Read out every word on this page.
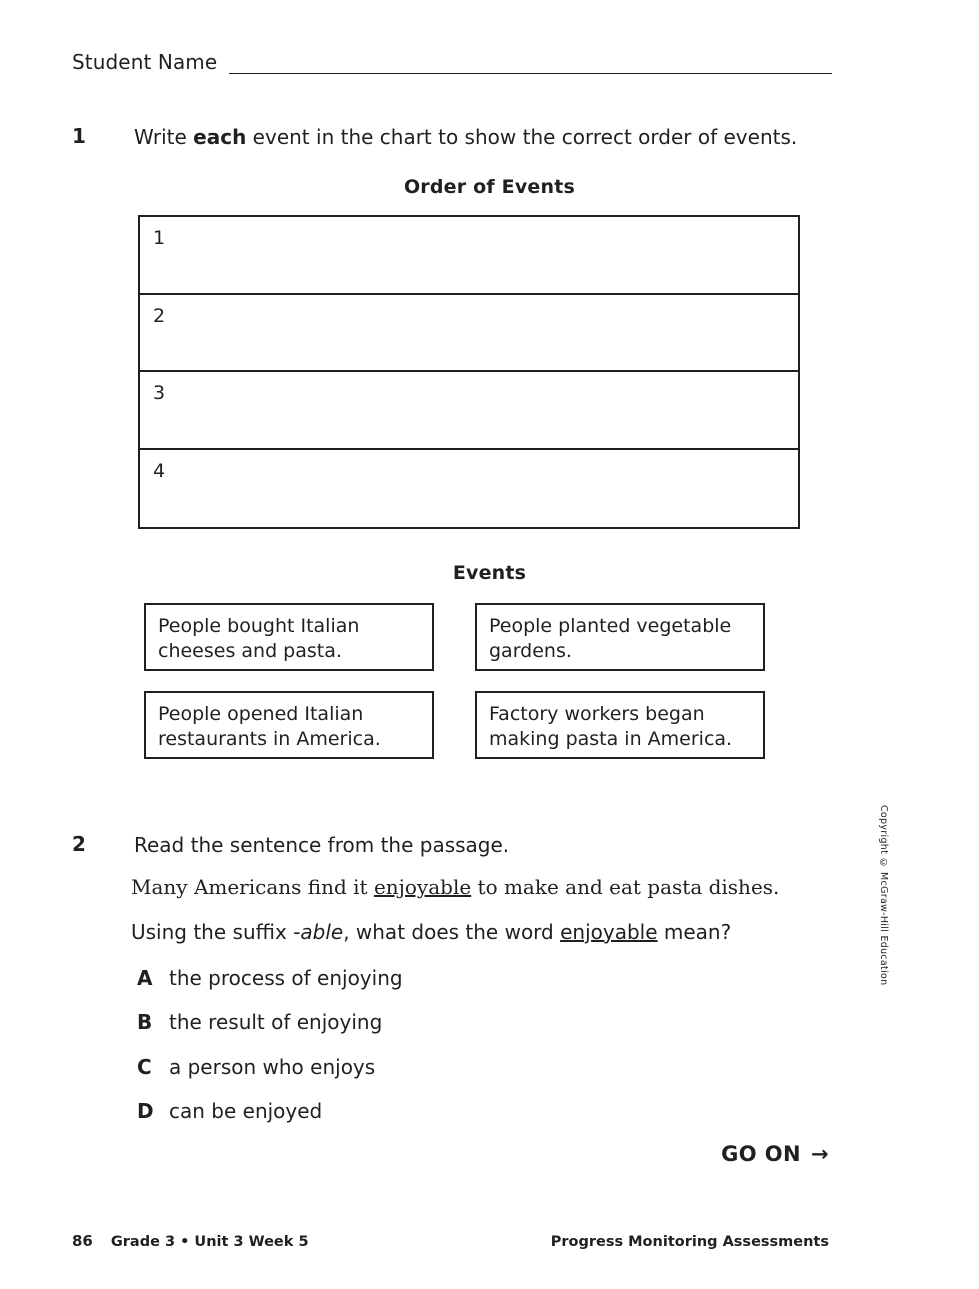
Student Name
1 Write each event in the chart to show the correct order of events.
Order of Events
1
2
3
4
Events
People bought Italian cheeses and pasta.
People planted vegetable gardens.
People opened Italian restaurants in America.
Factory workers began making pasta in America.
2 Read the sentence from the passage.
Many Americans find it enjoyable to make and eat pasta dishes.
Using the suffix -able, what does the word enjoyable mean?
A the process of enjoying
B the result of enjoying
C a person who enjoys
D can be enjoyed
GO ON →
Copyright © McGraw-Hill Education
86 Grade 3 • Unit 3 Week 5	Progress Monitoring Assessments
